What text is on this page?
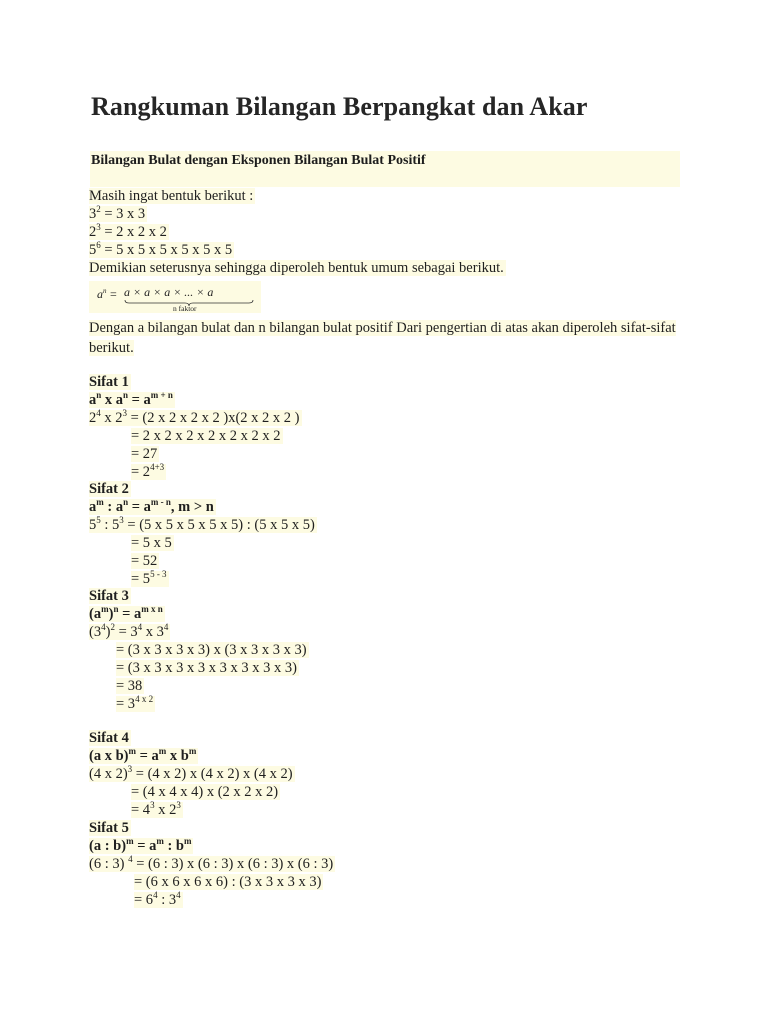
Rangkuman Bilangan Berpangkat dan Akar
Bilangan Bulat dengan Eksponen Bilangan Bulat Positif
Masih ingat bentuk berikut :
$3^2 = 3$ x 3
$2^3 = 2$ x 2 x 2
$5^6 = 5$ x 5 x 5 x 5 x 5 x 5
Demikian seterusnya sehingga diperoleh bentuk umum sebagai berikut.
a n = a × a × a × ... × a
n faktor
Dengan a bilangan bulat dan n bilangan bulat positif Dari pengertian di atas akan diperoleh sifat-sifat berikut.
Sifat 1
$a^n$ x $a^n = a^{m + n}$
$2^4$ x $2^3 = (2$ x 2 x 2 x 2 )x(2 x 2 x 2 )
= 2 x 2 x 2 x 2 x 2 x 2 x 2
= 27
= $2^{4+3}$
Sifat 2
$a^m$ : $a^n = a^{m - n}$, m > n
$5^5$ : $5^3 = (5$ x 5 x 5 x 5 x 5) : (5 x 5 x 5)
= 5 x 5
= 52
= $5^{5 - 3}$
Sifat 3
$(a^m)^n = a^{m x n}$
$(3^4)^2 = 3^4$ x $3^4$
= (3 x 3 x 3 x 3) x (3 x 3 x 3 x 3)
= (3 x 3 x 3 x 3 x 3 x 3 x 3 x 3)
= 38
= $3^{4 x 2}$
Sifat 4
(a x $b)^m = a^m$ x $b^m$
(4 x 2)$^3$ = (4 x 2) x (4 x 2) x (4 x 2)
= (4 x 4 x 4) x (2 x 2 x 2)
= $4^3$ x $2^3$
Sifat 5
(a : $b)^m = a^m$ : $b^m$
(6 : 3) $^4$ = (6 : 3) x (6 : 3) x (6 : 3) x (6 : 3)
= (6 x 6 x 6 x 6) : (3 x 3 x 3 x 3)
= $6^4$ : $3^4$
